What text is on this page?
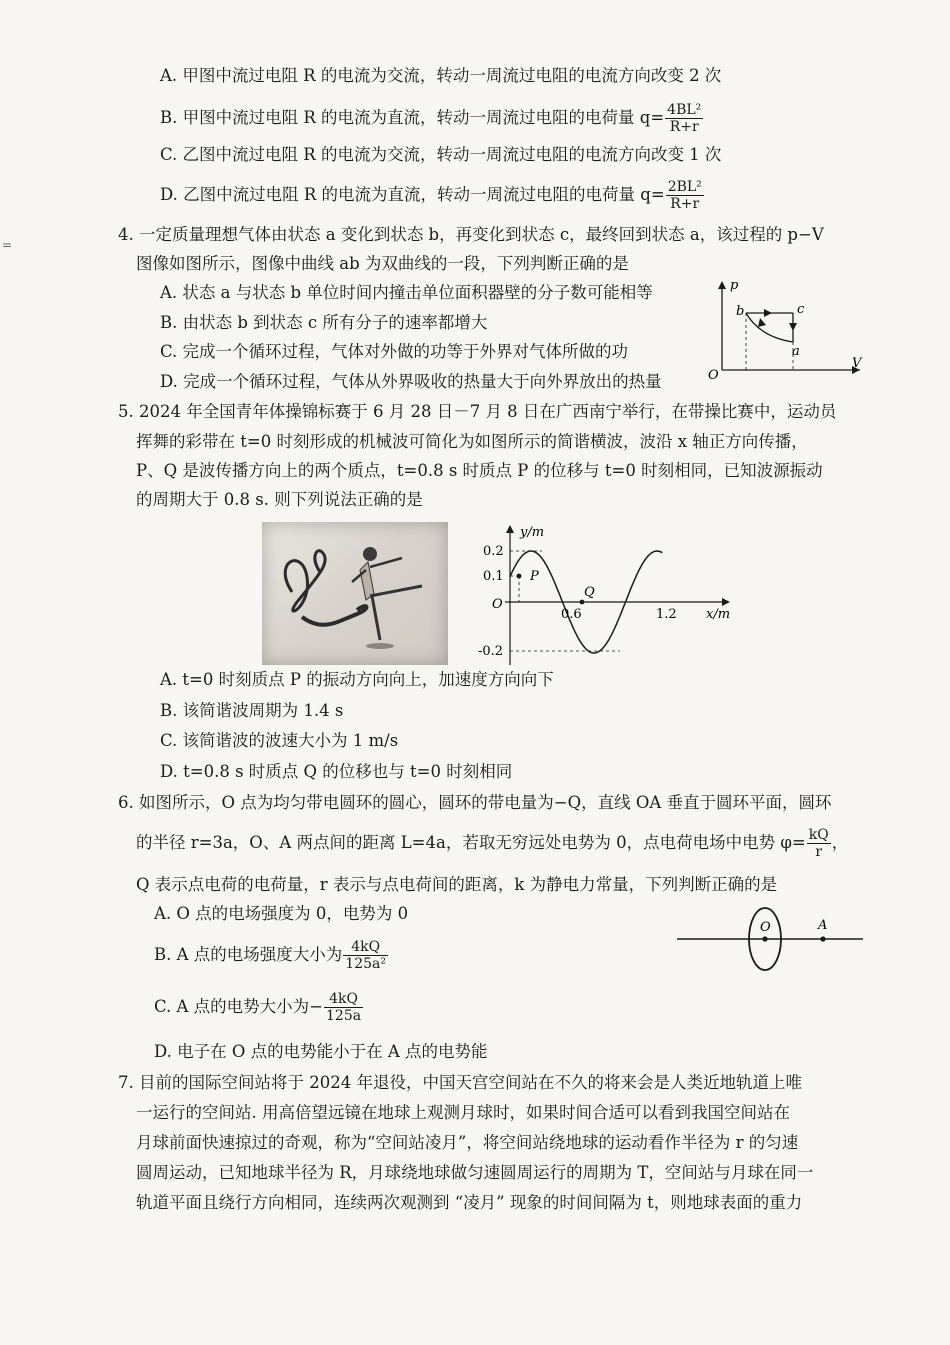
=
A. 甲图中流过电阻 R 的电流为交流，转动一周流过电阻的电流方向改变 2 次
B. 甲图中流过电阻 R 的电流为直流，转动一周流过电阻的电荷量 $q= \frac{\text{4BL²}}{R+r}$
C. 乙图中流过电阻 R 的电流为交流，转动一周流过电阻的电流方向改变 1 次
D. 乙图中流过电阻 R 的电流为直流，转动一周流过电阻的电荷量 $q= \frac{\text{2BL²}}{R+r}$
4. 一定质量理想气体由状态 a 变化到状态 b，再变化到状态 c，最终回到状态 a，该过程的 p−V
图像如图所示，图像中曲线 ab 为双曲线的一段，下列判断正确的是
A. 状态 a 与状态 b 单位时间内撞击单位面积器壁的分子数可能相等
B. 由状态 b 到状态 c 所有分子的速率都增大
C. 完成一个循环过程，气体对外做的功等于外界对气体所做的功
D. 完成一个循环过程，气体从外界吸收的热量大于向外界放出的热量
p
V
O
b	c
a
5. 2024 年全国青年体操锦标赛于 6 月 28 日－7 月 8 日在广西南宁举行，在带操比赛中，运动员
挥舞的彩带在 t=0 时刻形成的机械波可简化为如图所示的简谐横波，波沿 x 轴正方向传播，
P、Q 是波传播方向上的两个质点，t=0.8 s 时质点 P 的位移与 t=0 时刻相同，已知波源振动
的周期大于 0.8 s. 则下列说法正确的是
y/m
x/m
O
0.2
0.1
-0.2
0.6	1.2
P
Q
A. t=0 时刻质点 P 的振动方向向上，加速度方向向下
B. 该简谐波周期为 1.4 s
C. 该简谐波的波速大小为 1 m/s
D. t=0.8 s 时质点 Q 的位移也与 t=0 时刻相同
6. 如图所示，O 点为均匀带电圆环的圆心，圆环的带电量为−Q，直线 OA 垂直于圆环平面，圆环
的半径 r=3a，O、A 两点间的距离 L=4a，若取无穷远处电势为 0，点电荷电场中电势 $\varphi= \frac{kQ}{r}$ ，
Q 表示点电荷的电荷量，r 表示与点电荷间的距离，k 为静电力常量，下列判断正确的是
A. O 点的电场强度为 0，电势为 0
B. A 点的电场强度大小为 $\frac{4kQ}{\text{125a²}}$
C. A 点的电势大小为− $\frac{4kQ}{125a}$
D. 电子在 O 点的电势能小于在 A 点的电势能
O	A
7. 目前的国际空间站将于 2024 年退役，中国天宫空间站在不久的将来会是人类近地轨道上唯
一运行的空间站. 用高倍望远镜在地球上观测月球时，如果时间合适可以看到我国空间站在
月球前面快速掠过的奇观，称为“空间站凌月”，将空间站绕地球的运动看作半径为 r 的匀速
圆周运动，已知地球半径为 R，月球绕地球做匀速圆周运行的周期为 T，空间站与月球在同一
轨道平面且绕行方向相同，连续两次观测到 “凌月” 现象的时间间隔为 t，则地球表面的重力
